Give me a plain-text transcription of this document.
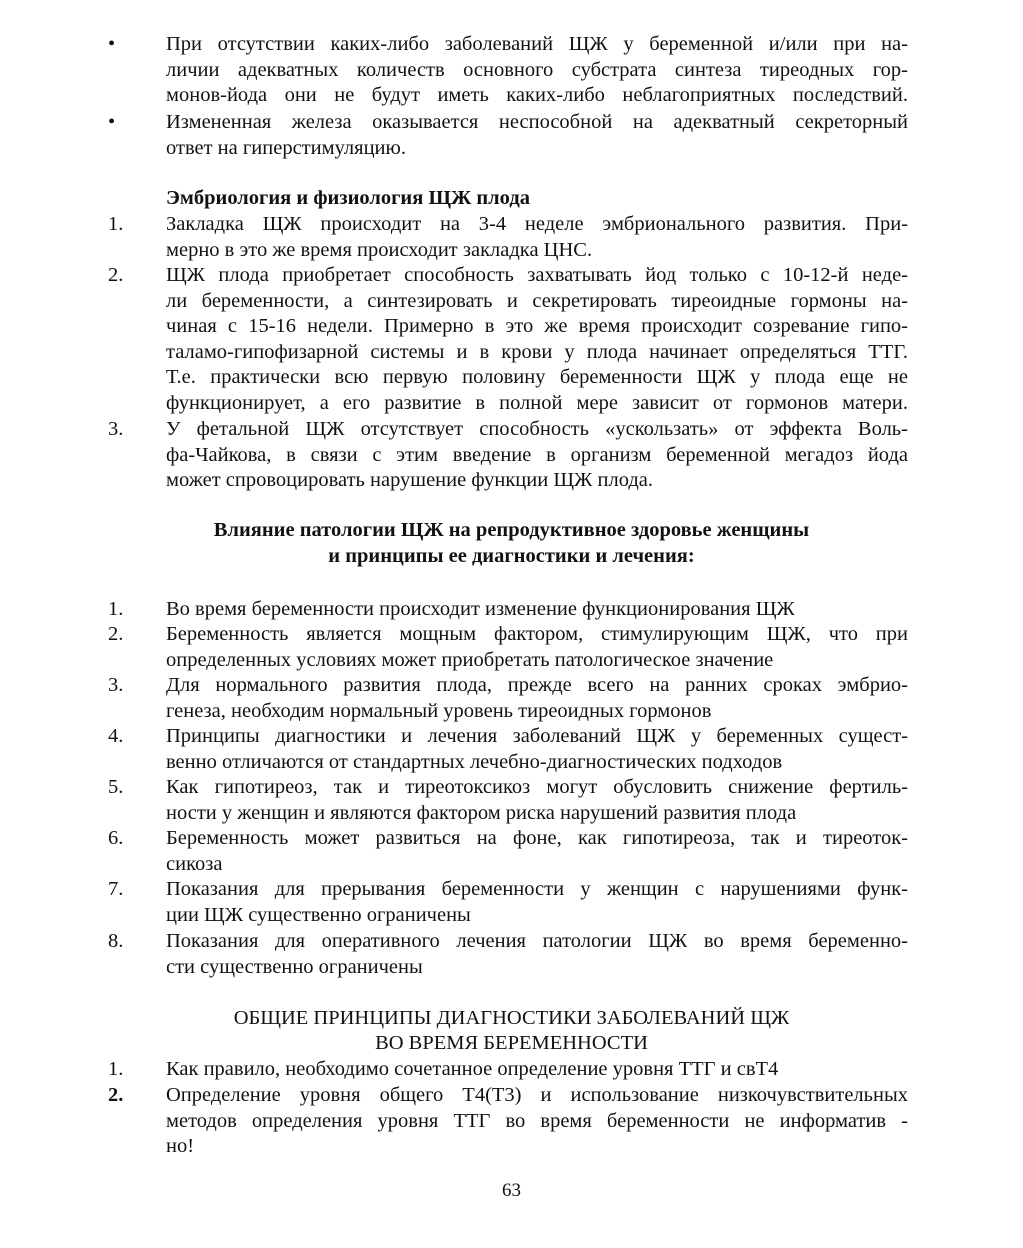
• При отсутствии каких-либо заболеваний ЩЖ у беременной и/или при на-
личии адекватных количеств основного субстрата синтеза тиреодных гор-
монов-йода они не будут иметь каких-либо неблагоприятных последствий.
• Измененная железа оказывается неспособной на адекватный секреторный
ответ на гиперстимуляцию.
Эмбриология и физиология ЩЖ плода
1. Закладка ЩЖ происходит на 3-4 неделе эмбрионального развития. При-
мерно в это же время происходит закладка ЦНС.
2. ЩЖ плода приобретает способность захватывать йод только с 10-12-й неде-
ли беременности, а синтезировать и секретировать тиреоидные гормоны на-
чиная с 15-16 недели. Примерно в это же время происходит созревание гипо-
таламо-гипофизарной системы и в крови у плода начинает определяться ТТГ.
Т.е. практически всю первую половину беременности ЩЖ у плода еще не
функционирует, а его развитие в полной мере зависит от гормонов матери.
3. У фетальной ЩЖ отсутствует способность «ускользать» от эффекта Воль-
фа-Чайкова, в связи с этим введение в организм беременной мегадоз йода
может спровоцировать нарушение функции ЩЖ плода.
Влияние патологии ЩЖ на репродуктивное здоровье женщины
и принципы ее диагностики и лечения:
1. Во время беременности происходит изменение функционирования ЩЖ
2. Беременность является мощным фактором, стимулирующим ЩЖ, что при
определенных условиях может приобретать патологическое значение
3. Для нормального развития плода, прежде всего на ранних сроках эмбрио-
генеза, необходим нормальный уровень тиреоидных гормонов
4. Принципы диагностики и лечения заболеваний ЩЖ у беременных сущест-
венно отличаются от стандартных лечебно-диагностических подходов
5. Как гипотиреоз, так и тиреотоксикоз могут обусловить снижение фертиль-
ности у женщин и являются фактором риска нарушений развития плода
6. Беременность может развиться на фоне, как гипотиреоза, так и тиреоток-
сикоза
7. Показания для прерывания беременности у женщин с нарушениями функ-
ции ЩЖ существенно ограничены
8. Показания для оперативного лечения патологии ЩЖ во время беременно-
сти существенно ограничены
ОБЩИЕ ПРИНЦИПЫ ДИАГНОСТИКИ ЗАБОЛЕВАНИЙ ЩЖ
ВО ВРЕМЯ БЕРЕМЕННОСТИ
1. Как правило, необходимо сочетанное определение уровня ТТГ и свТ4
2. Определение уровня общего Т4(Т3) и использование низкочувствительных
методов определения уровня ТТГ во время беременности не информатив -
но!
63
